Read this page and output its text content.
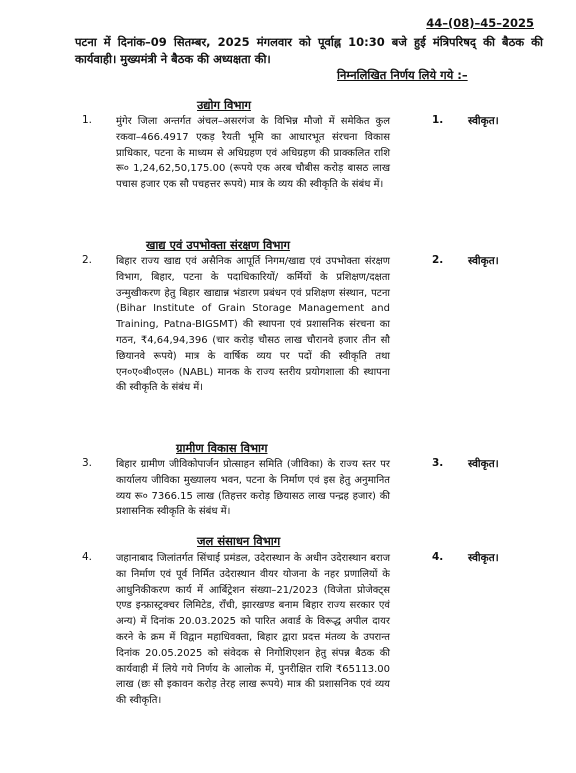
44–(08)–45–2025
पटना में दिनांक–09 सितम्बर, 2025 मंगलवार को पूर्वाह्न 10:30 बजे हुई मंत्रिपरिषद् की बैठक की कार्यवाही। मुख्यमंत्री ने बैठक की अध्यक्षता की।
निम्नलिखित निर्णय लिये गये :–
उद्योग विभाग
1. मुंगेर जिला अन्तर्गत अंचल–असरगंज के विभिन्न मौजो में समेकित कुल रकवा–466.4917 एकड़ रैयती भूमि का आधारभूत संरचना विकास प्राधिकार, पटना के माध्यम से अधिग्रहण एवं अधिग्रहण की प्राक्कलित राशि रू० 1,24,62,50,175.00 (रूपये एक अरब चौबीस करोड़ बासठ लाख पचास हजार एक सौ पचहत्तर रूपये) मात्र के व्यय की स्वीकृति के संबंध में।
1. स्वीकृत।
खाद्य एवं उपभोक्ता संरक्षण विभाग
2. बिहार राज्य खाद्य एवं असैनिक आपूर्ति निगम/खाद्य एवं उपभोक्ता संरक्षण विभाग, बिहार, पटना के पदाधिकारियों/ कर्मियों के प्रशिक्षण/दक्षता उन्मुखीकरण हेतु बिहार खाद्यान्न भंडारण प्रबंधन एवं प्रशिक्षण संस्थान, पटना (Bihar Institute of Grain Storage Management and Training, Patna-BIGSMT) की स्थापना एवं प्रशासनिक संरचना का गठन, ₹4,64,94,396 (चार करोड़ चौसठ लाख चौरानवे हजार तीन सौ छियानवे रूपये) मात्र के वार्षिक व्यय पर पदों की स्वीकृति तथा एन०ए०बी०एल० (NABL) मानक के राज्य स्तरीय प्रयोगशाला की स्थापना की स्वीकृति के संबंध में।
2. स्वीकृत।
ग्रामीण विकास विभाग
3. बिहार ग्रामीण जीविकोपार्जन प्रोत्साहन समिति (जीविका) के राज्य स्तर पर कार्यालय जीविका मुख्यालय भवन, पटना के निर्माण एवं इस हेतु अनुमानित व्यय रू० 7366.15 लाख (तिहत्तर करोड़ छियासठ लाख पन्द्रह हजार) की प्रशासनिक स्वीकृति के संबंध में।
3. स्वीकृत।
जल संसाधन विभाग
4. जहानाबाद जिलांतर्गत सिंचाई प्रमंडल, उदेरास्थान के अधीन उदेरास्थान बराज का निर्माण एवं पूर्व निर्मित उदेरास्थान वीयर योजना के नहर प्रणालियों के आधुनिकीकरण कार्य में आर्बिट्रेशन संख्या–21/2023 (विजेता प्रोजेक्ट्स एण्ड इन्फ्रास्ट्रक्चर लिमिटेड, राँची, झारखण्ड बनाम बिहार राज्य सरकार एवं अन्य) में दिनांक 20.03.2025 को पारित अवार्ड के विरूद्ध अपील दायर करने के क्रम में विद्वान महाधिवक्ता, बिहार द्वारा प्रदत्त मंतव्य के उपरान्त दिनांक 20.05.2025 को संवेदक से निगोशिएशन हेतु संपन्न बैठक की कार्यवाही में लिये गये निर्णय के आलोक में, पुनरीक्षित राशि ₹65113.00 लाख (छः सौ इकावन करोड़ तेरह लाख रूपये) मात्र की प्रशासनिक एवं व्यय की स्वीकृति।
4. स्वीकृत।
